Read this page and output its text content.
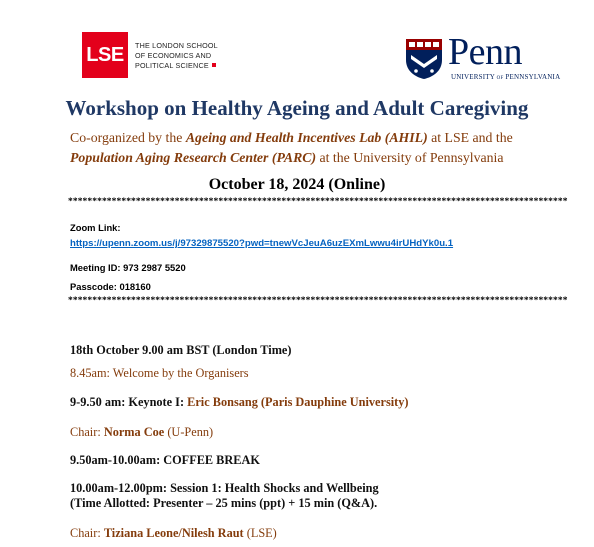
LSE	THE LONDON SCHOOL
OF ECONOMICS AND
POLITICAL SCIENCE	Penn
UNIVERSITY of PENNSYLVANIA
Workshop on Healthy Ageing and Adult Caregiving
Co-organized by the Ageing and Health Incentives Lab (AHIL) at LSE and the
Population Aging Research Center (PARC) at the University of Pennsylvania
October 18, 2024 (Online)
*******************************************************************************************************
Zoom Link:
https://upenn.zoom.us/j/97329875520?pwd=tnewVcJeuA6uzEXmLwwu4irUHdYk0u.1
Meeting ID: 973 2987 5520
Passcode: 018160
*******************************************************************************************************
18th October 9.00 am BST (London Time)
8.45am: Welcome by the Organisers
9-9.50 am: Keynote I: Eric Bonsang (Paris Dauphine University)
Chair: Norma Coe (U-Penn)
9.50am-10.00am: COFFEE BREAK
10.00am-12.00pm: Session 1: Health Shocks and Wellbeing
(Time Allotted: Presenter – 25 mins (ppt) + 15 min (Q&A).
Chair: Tiziana Leone/Nilesh Raut (LSE)
